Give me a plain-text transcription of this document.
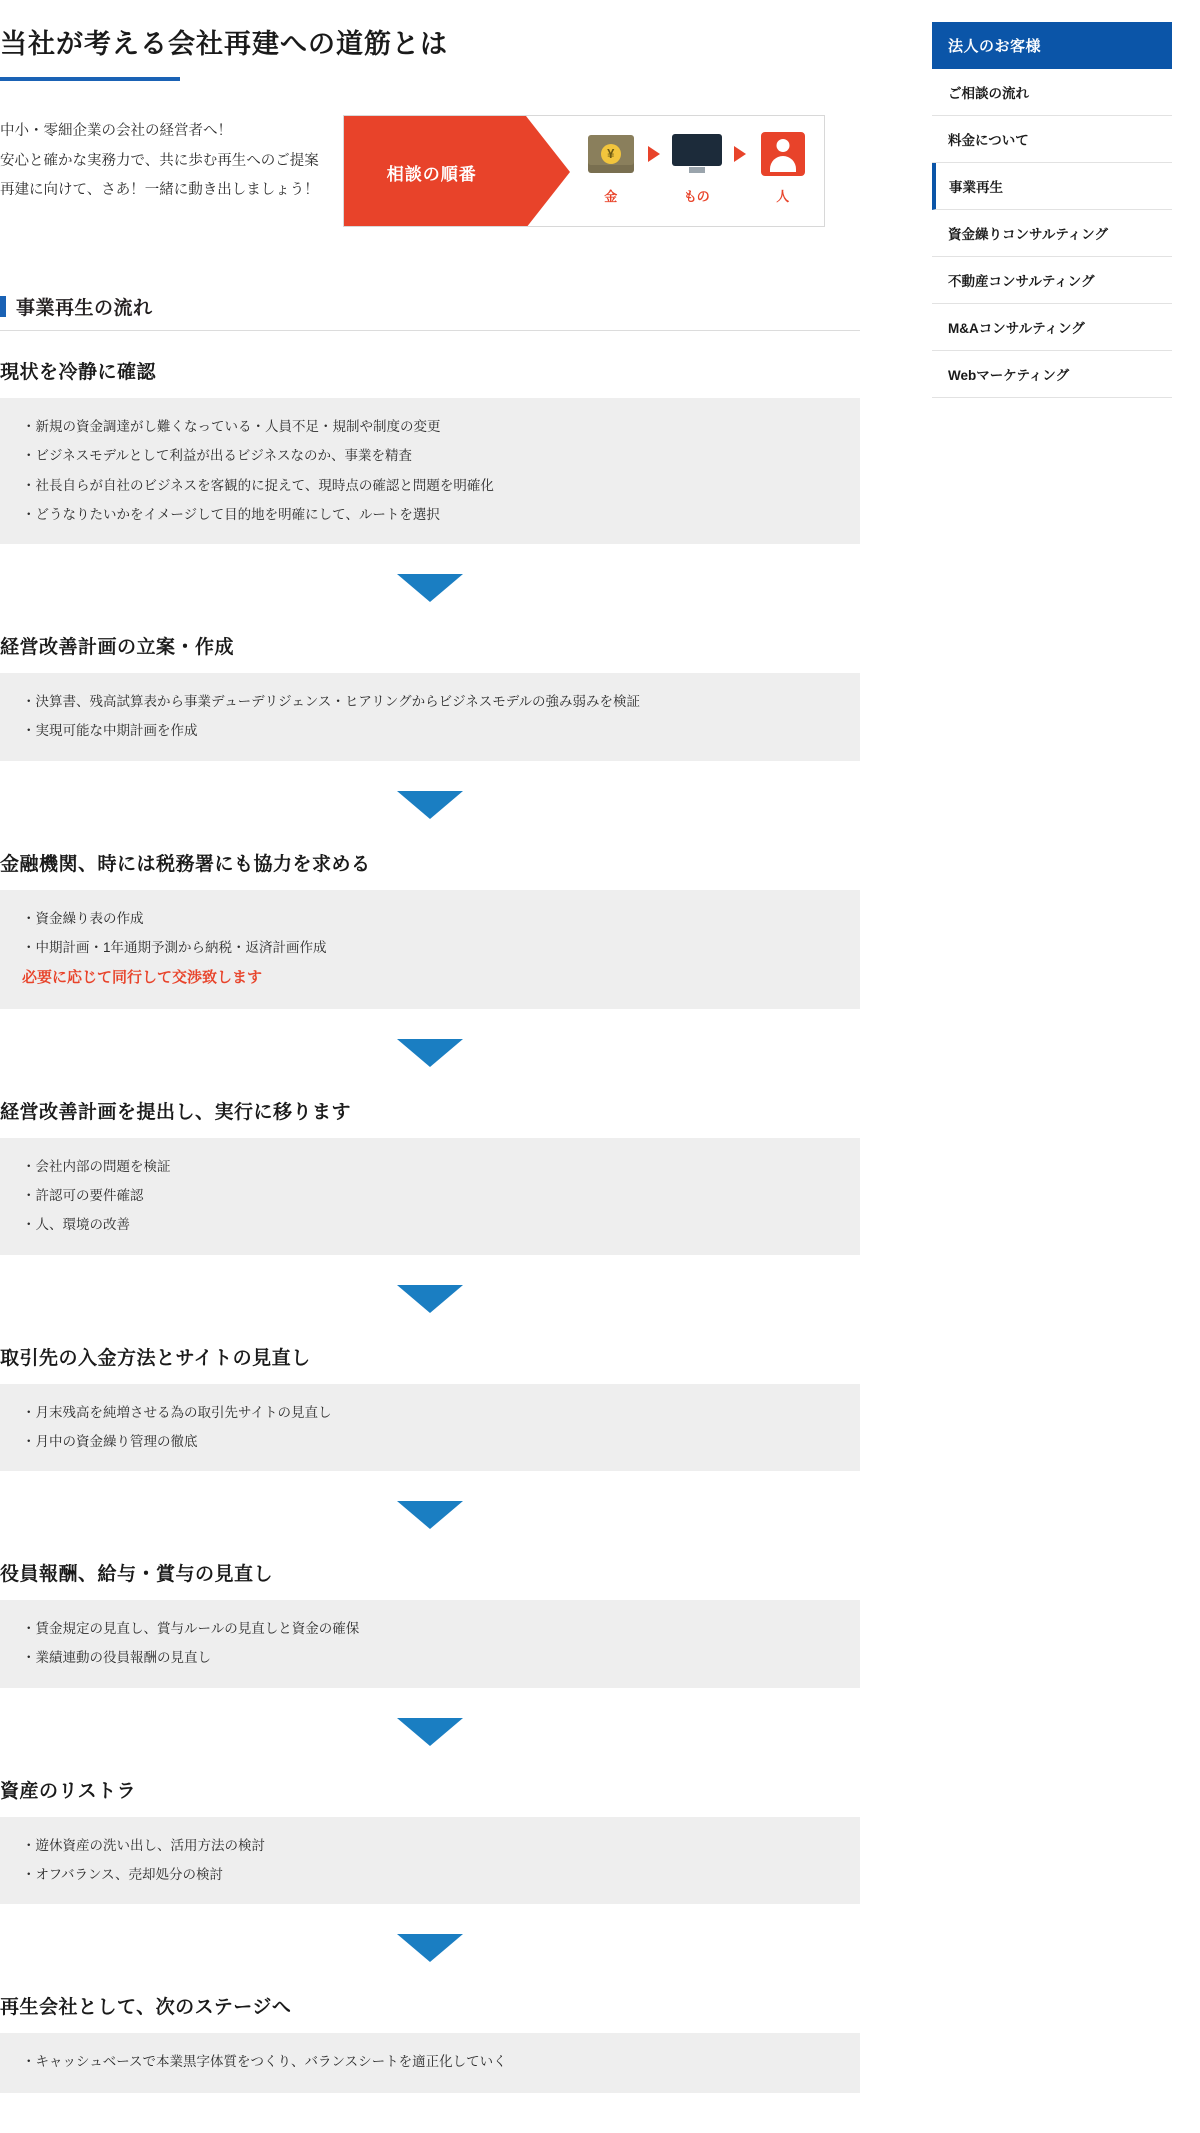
当社が考える会社再建への道筋とは
中小・零細企業の会社の経営者へ！
安心と確かな実務力で、共に歩む再生へのご提案
再建に向けて、さあ！一緒に動き出しましょう！
相談の順番
¥
金	もの	人
事業再生の流れ
現状を冷静に確認

・新規の資金調達がし難くなっている・人員不足・規制や制度の変更

・ビジネスモデルとして利益が出るビジネスなのか、事業を精査

・社長自らが自社のビジネスを客観的に捉えて、現時点の確認と問題を明確化

・どうなりたいかをイメージして目的地を明確にして、ルートを選択

経営改善計画の立案・作成

・決算書、残高試算表から事業デューデリジェンス・ヒアリングからビジネスモデルの強み弱みを検証

・実現可能な中期計画を作成

金融機関、時には税務署にも協力を求める

・資金繰り表の作成

・中期計画・1年通期予測から納税・返済計画作成

必要に応じて同行して交渉致します

経営改善計画を提出し、実行に移ります

・会社内部の問題を検証

・許認可の要件確認

・人、環境の改善

取引先の入金方法とサイトの見直し

・月末残高を純増させる為の取引先サイトの見直し

・月中の資金繰り管理の徹底

役員報酬、給与・賞与の見直し

・賃金規定の見直し、賞与ルールの見直しと資金の確保

・業績連動の役員報酬の見直し

資産のリストラ

・遊休資産の洗い出し、活用方法の検討

・オフバランス、売却処分の検討

再生会社として、次のステージへ

・キャッシュベースで本業黒字体質をつくり、バランスシートを適正化していく

法人のお客様
ご相談の流れ
料金について
事業再生
資金繰りコンサルティング
不動産コンサルティング
M&Aコンサルティング
Webマーケティング
